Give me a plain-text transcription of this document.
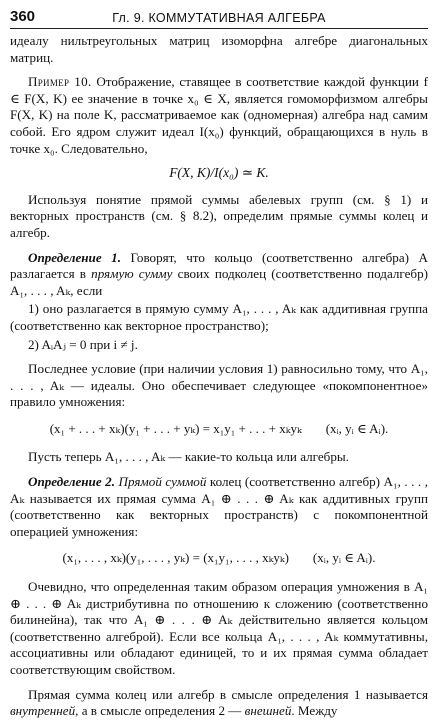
360	Гл. 9. КОММУТАТИВНАЯ АЛГЕБРА

идеалу нильтреугольных матриц изоморфна алгебре диагональных матриц.

Пример 10. Отображение, ставящее в соответствие каждой функции f ∈ F(X, K) ее значение в точке x₀ ∈ X, является гомоморфизмом алгебры F(X, K) на поле K, рассматриваемое как (одномерная) алгебра над самим собой. Его ядром служит идеал I(x₀) функций, обращающихся в нуль в точке x₀. Следовательно,

F(X, K)/I(x₀) ≃ K.

Используя понятие прямой суммы абелевых групп (см. § 1) и векторных пространств (см. § 8.2), определим прямые суммы колец и алгебр.

Определение 1. Говорят, что кольцо (соответственно алгебра) A разлагается в прямую сумму своих подколец (соответственно подалгебр) A₁, . . . , Aₖ, если

1) оно разлагается в прямую сумму A₁, . . . , Aₖ как аддитивная группа (соответственно как векторное пространство);

2) AᵢAⱼ = 0 при i ≠ j.

Последнее условие (при наличии условия 1) равносильно тому, что A₁, . . . , Aₖ — идеалы. Оно обеспечивает следующее «покомпонентное» правило умножения:

(x₁ + . . . + xₖ)(y₁ + . . . + yₖ) = x₁y₁ + . . . + xₖyₖ (xᵢ, yᵢ ∈ Aᵢ).

Пусть теперь A₁, . . . , Aₖ — какие-то кольца или алгебры.

Определение 2. Прямой суммой колец (соответственно алгебр) A₁, . . . , Aₖ называется их прямая сумма A₁ ⊕ . . . ⊕ Aₖ как аддитивных групп (соответственно как векторных пространств) с покомпонентной операцией умножения:

(x₁, . . . , xₖ)(y₁, . . . , yₖ) = (x₁y₁, . . . , xₖyₖ) (xᵢ, yᵢ ∈ Aᵢ).

Очевидно, что определенная таким образом операция умножения в A₁ ⊕ . . . ⊕ Aₖ дистрибутивна по отношению к сложению (соответственно билинейна), так что A₁ ⊕ . . . ⊕ Aₖ действительно является кольцом (соответственно алгеброй). Если все кольца A₁, . . . , Aₖ коммутативны, ассоциативны или обладают единицей, то и их прямая сумма обладает соответствующим свойством.

Прямая сумма колец или алгебр в смысле определения 1 называется внутренней, а в смысле определения 2 — внешней. Между
